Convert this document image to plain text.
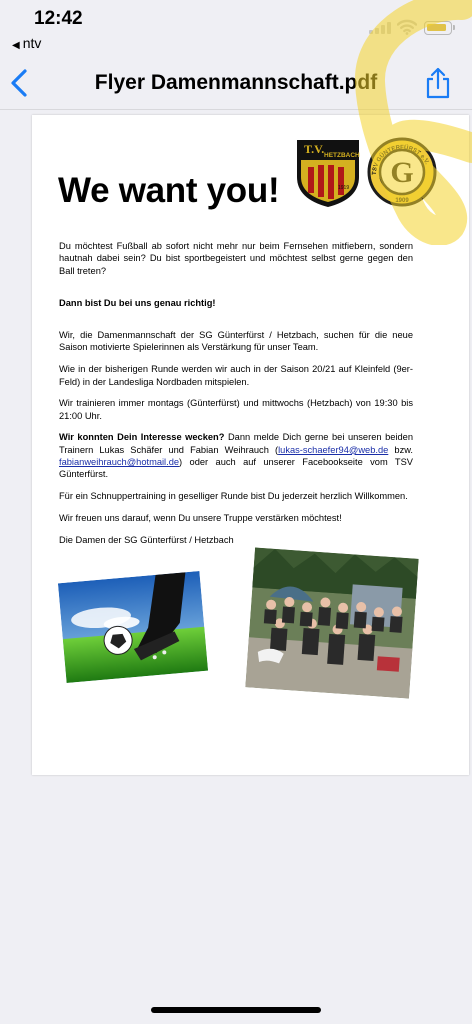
12:42
◀ ntv
Flyer Damenmannschaft.pdf
We want you!
T.V. HETZBACH
1919
TSV GÜNTERFÜRST e.V.
G
1909

Du möchtest Fußball ab sofort nicht mehr nur beim Fernsehen mitfiebern, sondern hautnah dabei sein? Du bist sportbegeistert und möchtest selbst gerne gegen den Ball treten?

Dann bist Du bei uns genau richtig!

Wir, die Damenmannschaft der SG Günterfürst / Hetzbach, suchen für die neue Saison motivierte Spielerinnen als Verstärkung für unser Team.

Wie in der bisherigen Runde werden wir auch in der Saison 20/21 auf Kleinfeld (9er-Feld) in der Landesliga Nordbaden mitspielen.

Wir trainieren immer montags (Günterfürst) und mittwochs (Hetzbach) von 19:30 bis 21:00 Uhr.

Wir konnten Dein Interesse wecken? Dann melde Dich gerne bei unseren beiden Trainern Lukas Schäfer und Fabian Weihrauch (lukas-schaefer94@web.de bzw. fabianweihrauch@hotmail.de) oder auch auf unserer Facebookseite vom TSV Günterfürst.

Für ein Schnuppertraining in geselliger Runde bist Du jederzeit herzlich Willkommen.

Wir freuen uns darauf, wenn Du unsere Truppe verstärken möchtest!

Die Damen der SG Günterfürst / Hetzbach
